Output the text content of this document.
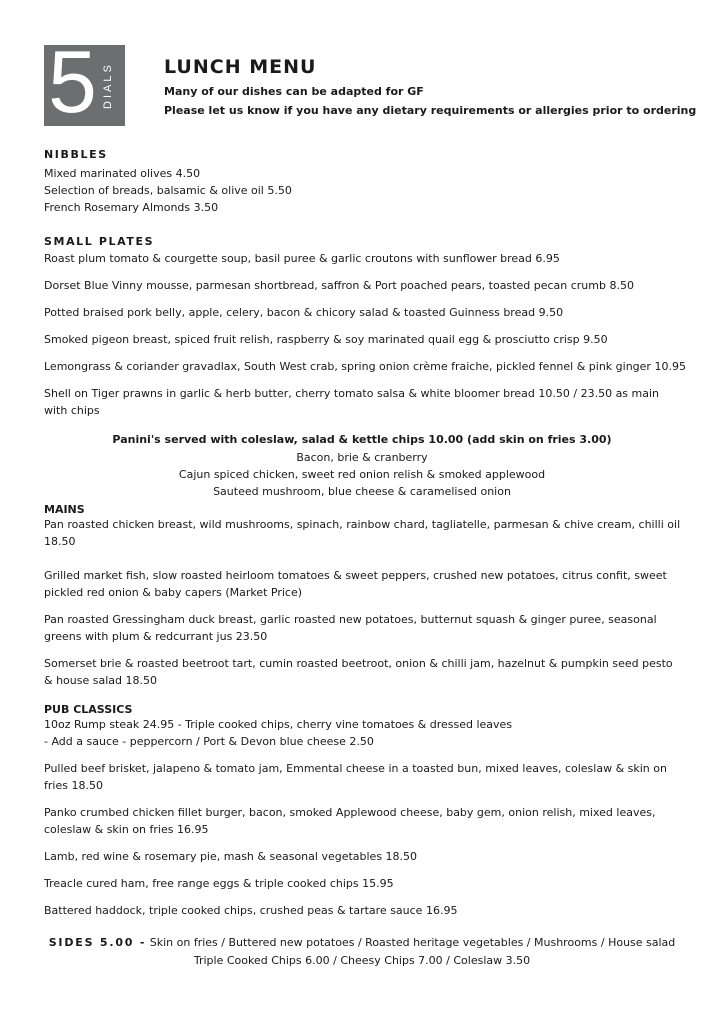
5 DIALS	LUNCH MENU
Many of our dishes can be adapted for GF
Please let us know if you have any dietary requirements or allergies prior to ordering
NIBBLES
Mixed marinated olives 4.50
Selection of breads, balsamic & olive oil 5.50
French Rosemary Almonds 3.50
SMALL PLATES
Roast plum tomato & courgette soup, basil puree & garlic croutons with sunflower bread 6.95
Dorset Blue Vinny mousse, parmesan shortbread, saffron & Port poached pears, toasted pecan crumb 8.50
Potted braised pork belly, apple, celery, bacon & chicory salad & toasted Guinness bread 9.50
Smoked pigeon breast, spiced fruit relish, raspberry & soy marinated quail egg & prosciutto crisp 9.50
Lemongrass & coriander gravadlax, South West crab, spring onion crème fraiche, pickled fennel & pink ginger 10.95
Shell on Tiger prawns in garlic & herb butter, cherry tomato salsa & white bloomer bread 10.50 / 23.50 as main with chips
Panini's served with coleslaw, salad & kettle chips 10.00 (add skin on fries 3.00)
Bacon, brie & cranberry
Cajun spiced chicken, sweet red onion relish & smoked applewood
Sauteed mushroom, blue cheese & caramelised onion
MAINS
Pan roasted chicken breast, wild mushrooms, spinach, rainbow chard, tagliatelle, parmesan & chive cream, chilli oil 18.50
Grilled market fish, slow roasted heirloom tomatoes & sweet peppers, crushed new potatoes, citrus confit, sweet pickled red onion & baby capers (Market Price)
Pan roasted Gressingham duck breast, garlic roasted new potatoes, butternut squash & ginger puree, seasonal greens with plum & redcurrant jus 23.50
Somerset brie & roasted beetroot tart, cumin roasted beetroot, onion & chilli jam, hazelnut & pumpkin seed pesto & house salad 18.50
PUB CLASSICS
10oz Rump steak 24.95 - Triple cooked chips, cherry vine tomatoes & dressed leaves
- Add a sauce - peppercorn / Port & Devon blue cheese 2.50
Pulled beef brisket, jalapeno & tomato jam, Emmental cheese in a toasted bun, mixed leaves, coleslaw & skin on fries 18.50
Panko crumbed chicken fillet burger, bacon, smoked Applewood cheese, baby gem, onion relish, mixed leaves, coleslaw & skin on fries 16.95
Lamb, red wine & rosemary pie, mash & seasonal vegetables 18.50
Treacle cured ham, free range eggs & triple cooked chips 15.95
Battered haddock, triple cooked chips, crushed peas & tartare sauce 16.95
SIDES 5.00 - Skin on fries / Buttered new potatoes / Roasted heritage vegetables / Mushrooms / House salad
Triple Cooked Chips 6.00 / Cheesy Chips 7.00 / Coleslaw 3.50
